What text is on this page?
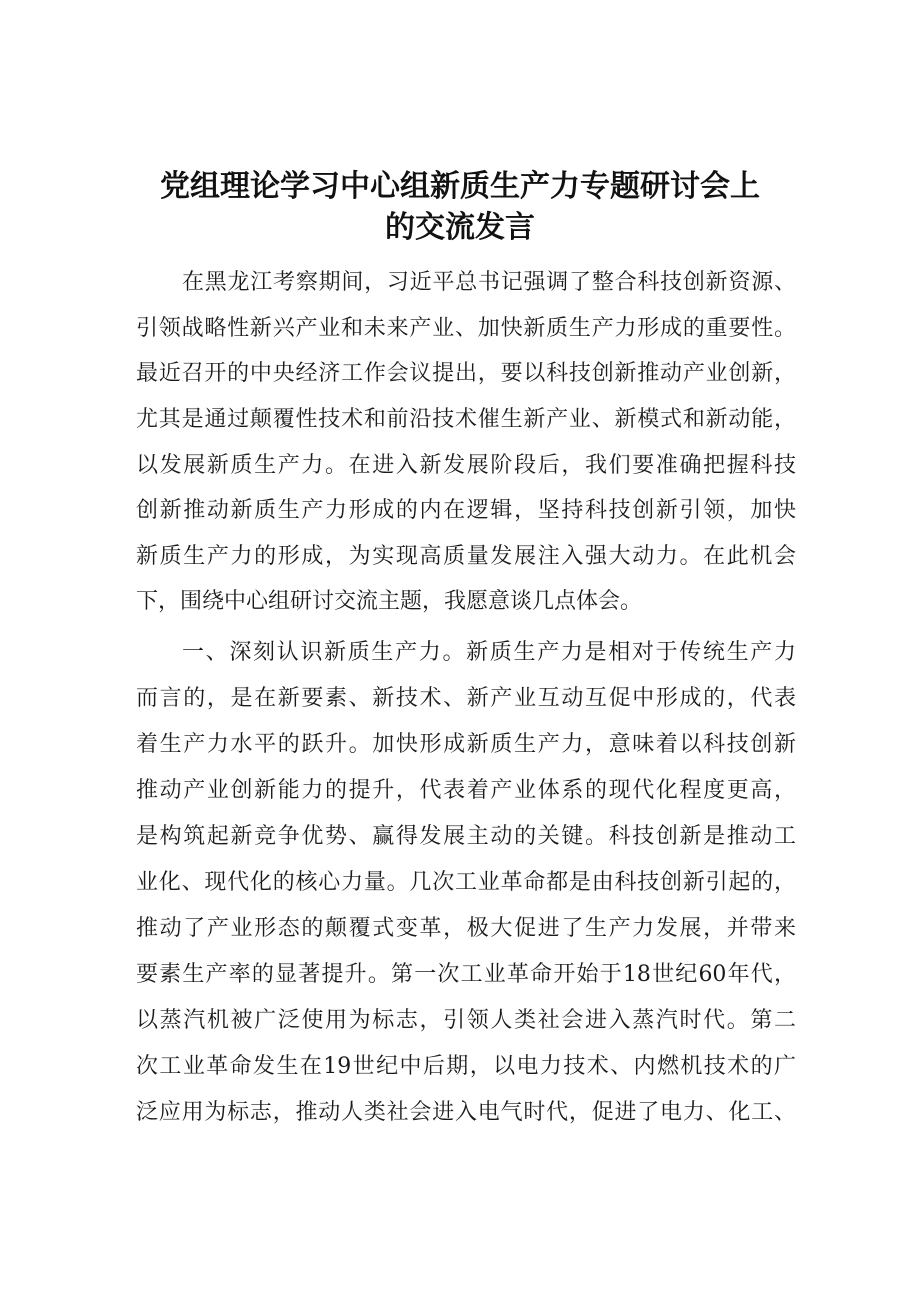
党组理论学习中心组新质生产力专题研讨会上
的交流发言
在黑龙江考察期间，习近平总书记强调了整合科技创新资源、
引领战略性新兴产业和未来产业、加快新质生产力形成的重要性。
最近召开的中央经济工作会议提出，要以科技创新推动产业创新，
尤其是通过颠覆性技术和前沿技术催生新产业、新模式和新动能，
以发展新质生产力。在进入新发展阶段后，我们要准确把握科技
创新推动新质生产力形成的内在逻辑，坚持科技创新引领，加快
新质生产力的形成，为实现高质量发展注入强大动力。在此机会
下，围绕中心组研讨交流主题，我愿意谈几点体会。
一、深刻认识新质生产力。新质生产力是相对于传统生产力
而言的，是在新要素、新技术、新产业互动互促中形成的，代表
着生产力水平的跃升。加快形成新质生产力，意味着以科技创新
推动产业创新能力的提升，代表着产业体系的现代化程度更高，
是构筑起新竞争优势、赢得发展主动的关键。科技创新是推动工
业化、现代化的核心力量。几次工业革命都是由科技创新引起的，
推动了产业形态的颠覆式变革，极大促进了生产力发展，并带来
要素生产率的显著提升。第一次工业革命开始于18世纪60年代，
以蒸汽机被广泛使用为标志，引领人类社会进入蒸汽时代。第二
次工业革命发生在19世纪中后期，以电力技术、内燃机技术的广
泛应用为标志，推动人类社会进入电气时代，促进了电力、化工、
